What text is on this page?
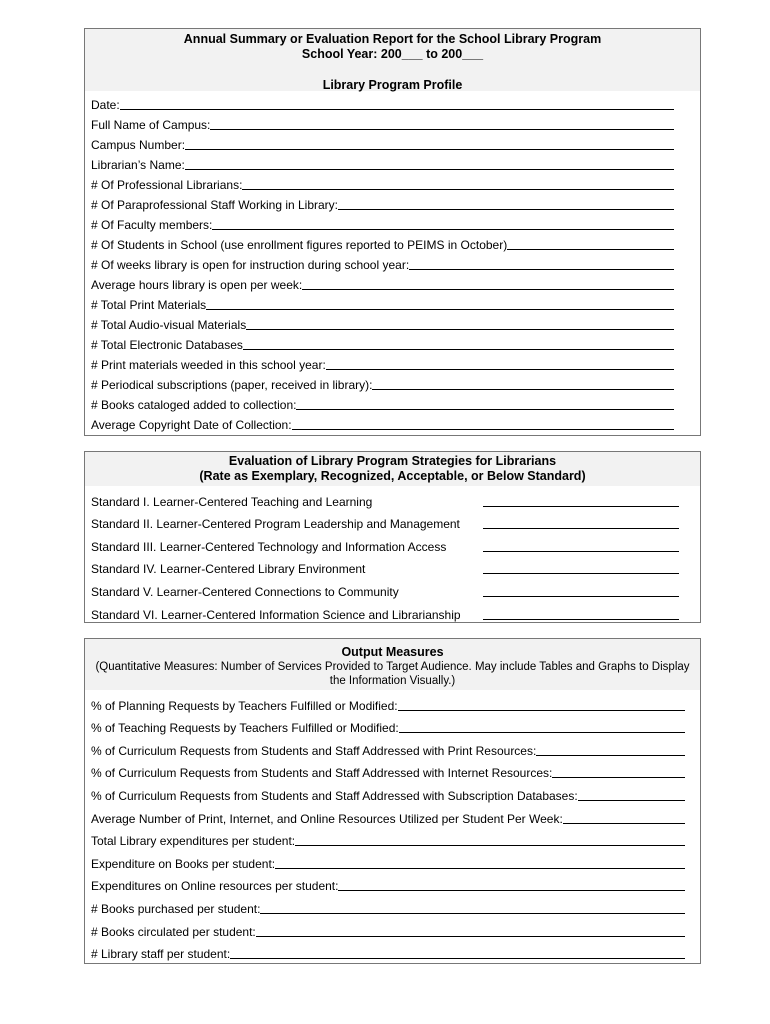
Annual Summary or Evaluation Report for the School Library Program
School Year: 200___ to 200___
Library Program Profile
Date:
Full Name of Campus:
Campus Number:
Librarian’s Name:
# Of Professional Librarians:
# Of Paraprofessional Staff Working in Library:
# Of Faculty members:
# Of Students in School (use enrollment figures reported to PEIMS in October)
# Of weeks library is open for instruction during school year:
Average hours library is open per week:
# Total Print Materials
# Total Audio-visual Materials
# Total Electronic Databases
# Print materials weeded in this school year:
# Periodical subscriptions (paper, received in library):
# Books cataloged added to collection:
Average Copyright Date of Collection:
Evaluation of Library Program Strategies for Librarians
(Rate as Exemplary, Recognized, Acceptable, or Below Standard)
Standard I. Learner-Centered Teaching and Learning
Standard II. Learner-Centered Program Leadership and Management
Standard III. Learner-Centered Technology and Information Access
Standard IV. Learner-Centered Library Environment
Standard V. Learner-Centered Connections to Community
Standard VI. Learner-Centered Information Science and Librarianship
Output Measures
(Quantitative Measures: Number of Services Provided to Target Audience. May include Tables and Graphs to Display the Information Visually.)
% of Planning Requests by Teachers Fulfilled or Modified:
% of Teaching Requests by Teachers Fulfilled or Modified:
% of Curriculum Requests from Students and Staff Addressed with Print Resources:
% of Curriculum Requests from Students and Staff Addressed with Internet Resources:
% of Curriculum Requests from Students and Staff Addressed with Subscription Databases:
Average Number of Print, Internet, and Online Resources Utilized per Student Per Week:
Total Library expenditures per student:
Expenditure on Books per student:
Expenditures on Online resources per student:
# Books purchased per student:
# Books circulated per student:
# Library staff per student:
